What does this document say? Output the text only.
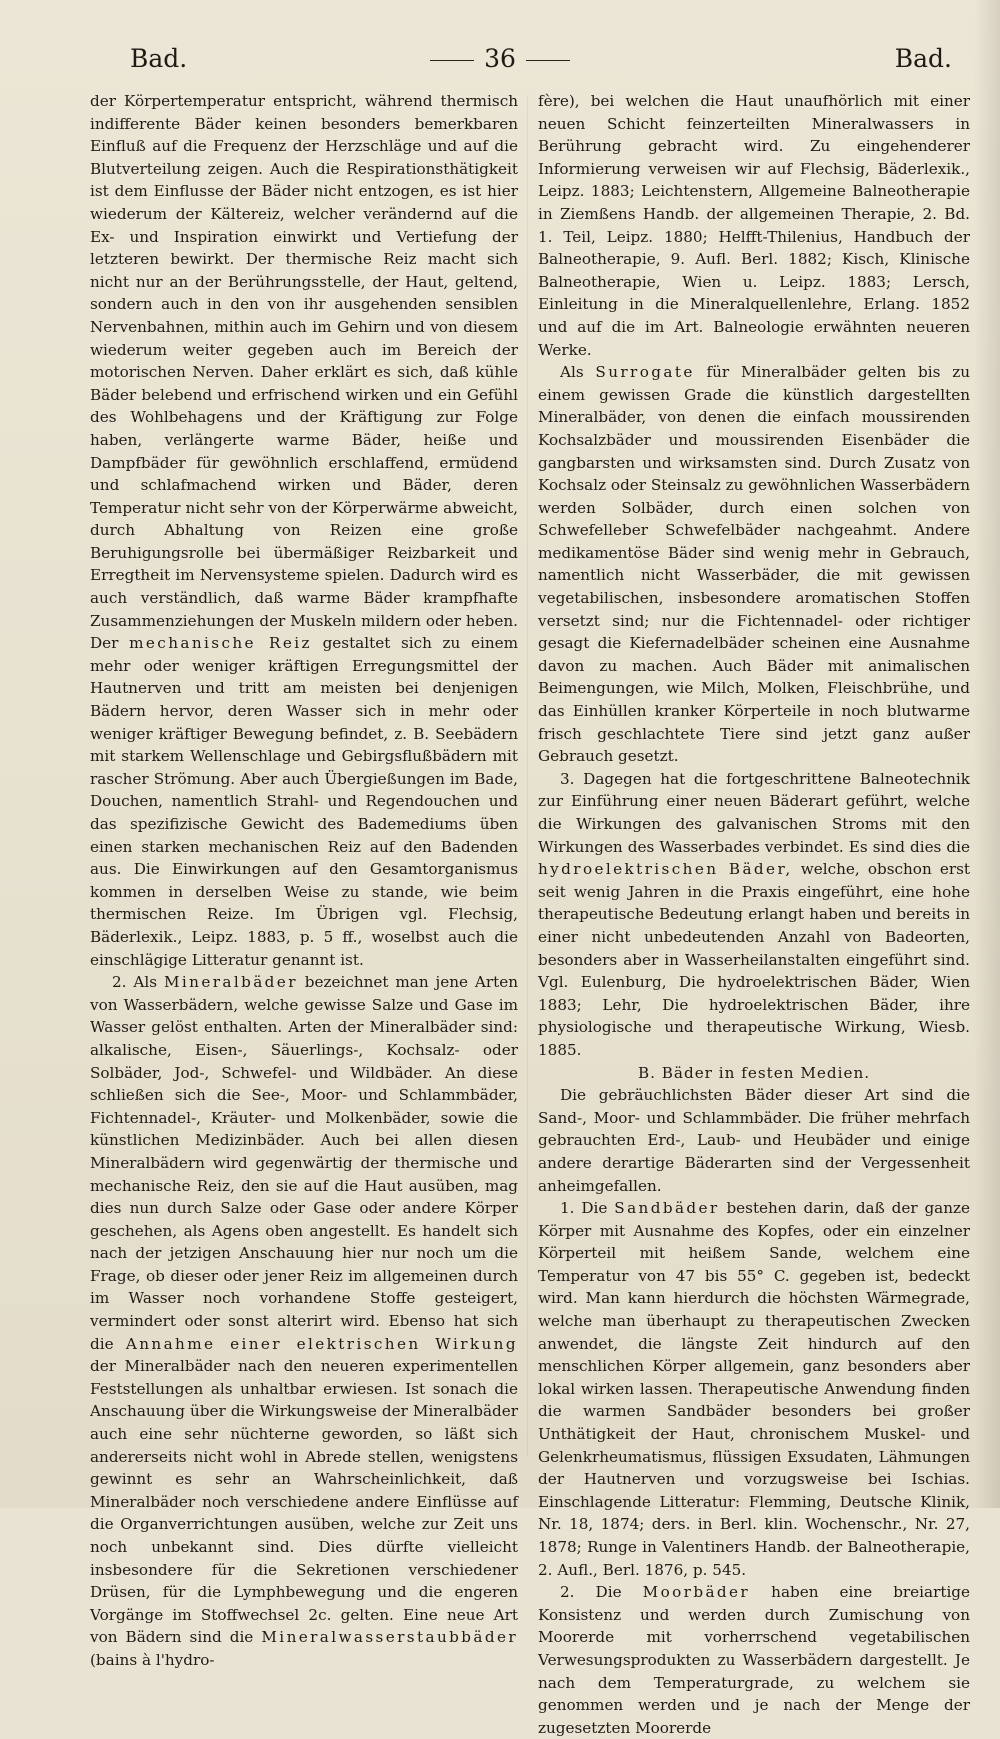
Bad.	36	Bad.

der Körpertemperatur entspricht, während thermisch indifferente Bäder keinen besonders bemerkbaren Einfluß auf die Frequenz der Herzschläge und auf die Blutverteilung zeigen. Auch die Respirationsthätigkeit ist dem Einflusse der Bäder nicht entzogen, es ist hier wiederum der Kältereiz, welcher verändernd auf die Ex- und Inspiration einwirkt und Vertiefung der letzteren bewirkt. Der thermische Reiz macht sich nicht nur an der Berührungsstelle, der Haut, geltend, sondern auch in den von ihr ausgehenden sensiblen Nervenbahnen, mithin auch im Gehirn und von diesem wiederum weiter gegeben auch im Bereich der motorischen Nerven. Daher erklärt es sich, daß kühle Bäder belebend und erfrischend wirken und ein Gefühl des Wohlbehagens und der Kräftigung zur Folge haben, verlängerte warme Bäder, heiße und Dampfbäder für gewöhnlich erschlaffend, ermüdend und schlafmachend wirken und Bäder, deren Temperatur nicht sehr von der Körperwärme abweicht, durch Abhaltung von Reizen eine große Beruhigungsrolle bei übermäßiger Reizbarkeit und Erregtheit im Nervensysteme spielen. Dadurch wird es auch verständlich, daß warme Bäder krampfhafte Zusammenziehungen der Muskeln mildern oder heben. Der mechanische Reiz gestaltet sich zu einem mehr oder weniger kräftigen Erregungsmittel der Hautnerven und tritt am meisten bei denjenigen Bädern hervor, deren Wasser sich in mehr oder weniger kräftiger Bewegung befindet, z. B. Seebädern mit starkem Wellenschlage und Gebirgsflußbädern mit rascher Strömung. Aber auch Übergießungen im Bade, Douchen, namentlich Strahl- und Regendouchen und das spezifizische Gewicht des Bademediums üben einen starken mechanischen Reiz auf den Badenden aus. Die Einwirkungen auf den Gesamtorganismus kommen in derselben Weise zu stande, wie beim thermischen Reize. Im Übrigen vgl. Flechsig, Bäderlexik., Leipz. 1883, p. 5 ff., woselbst auch die einschlägige Litteratur genannt ist.

2. Als Mineralbäder bezeichnet man jene Arten von Wasserbädern, welche gewisse Salze und Gase im Wasser gelöst enthalten. Arten der Mineralbäder sind: alkalische, Eisen-, Säuerlings-, Kochsalz- oder Solbäder, Jod-, Schwefel- und Wildbäder. An diese schließen sich die See-, Moor- und Schlammbäder, Fichtennadel-, Kräuter- und Molkenbäder, sowie die künstlichen Medizinbäder. Auch bei allen diesen Mineralbädern wird gegenwärtig der thermische und mechanische Reiz, den sie auf die Haut ausüben, mag dies nun durch Salze oder Gase oder andere Körper geschehen, als Agens oben angestellt. Es handelt sich nach der jetzigen Anschauung hier nur noch um die Frage, ob dieser oder jener Reiz im allgemeinen durch im Wasser noch vorhandene Stoffe gesteigert, vermindert oder sonst alterirt wird. Ebenso hat sich die Annahme einer elektrischen Wirkung der Mineralbäder nach den neueren experimentellen Feststellungen als unhaltbar erwiesen. Ist sonach die Anschauung über die Wirkungsweise der Mineralbäder auch eine sehr nüchterne geworden, so läßt sich andererseits nicht wohl in Abrede stellen, wenigstens gewinnt es sehr an Wahrscheinlichkeit, daß Mineralbäder noch verschiedene andere Einflüsse auf die Organverrichtungen ausüben, welche zur Zeit uns noch unbekannt sind. Dies dürfte vielleicht insbesondere für die Sekretionen verschiedener Drüsen, für die Lymphbewegung und die engeren Vorgänge im Stoffwechsel 2c. gelten. Eine neue Art von Bädern sind die Mineralwasserstaubbäder (bains à l'hydro-

fère), bei welchen die Haut unaufhörlich mit einer neuen Schicht feinzerteilten Mineralwassers in Berührung gebracht wird. Zu eingehenderer Informierung verweisen wir auf Flechsig, Bäderlexik., Leipz. 1883; Leichtenstern, Allgemeine Balneotherapie in Ziemßens Handb. der allgemeinen Therapie, 2. Bd. 1. Teil, Leipz. 1880; Helfft-Thilenius, Handbuch der Balneotherapie, 9. Aufl. Berl. 1882; Kisch, Klinische Balneotherapie, Wien u. Leipz. 1883; Lersch, Einleitung in die Mineralquellenlehre, Erlang. 1852 und auf die im Art. Balneologie erwähnten neueren Werke.

Als Surrogate für Mineralbäder gelten bis zu einem gewissen Grade die künstlich dargestellten Mineralbäder, von denen die einfach moussirenden Kochsalzbäder und moussirenden Eisenbäder die gangbarsten und wirksamsten sind. Durch Zusatz von Kochsalz oder Steinsalz zu gewöhnlichen Wasserbädern werden Solbäder, durch einen solchen von Schwefelleber Schwefelbäder nachgeahmt. Andere medikamentöse Bäder sind wenig mehr in Gebrauch, namentlich nicht Wasserbäder, die mit gewissen vegetabilischen, insbesondere aromatischen Stoffen versetzt sind; nur die Fichtennadel- oder richtiger gesagt die Kiefernadelbäder scheinen eine Ausnahme davon zu machen. Auch Bäder mit animalischen Beimengungen, wie Milch, Molken, Fleischbrühe, und das Einhüllen kranker Körperteile in noch blutwarme frisch geschlachtete Tiere sind jetzt ganz außer Gebrauch gesetzt.

3. Dagegen hat die fortgeschrittene Balneotechnik zur Einführung einer neuen Bäderart geführt, welche die Wirkungen des galvanischen Stroms mit den Wirkungen des Wasserbades verbindet. Es sind dies die hydroelektrischen Bäder, welche, obschon erst seit wenig Jahren in die Praxis eingeführt, eine hohe therapeutische Bedeutung erlangt haben und bereits in einer nicht unbedeutenden Anzahl von Badeorten, besonders aber in Wasserheilanstalten eingeführt sind. Vgl. Eulenburg, Die hydroelektrischen Bäder, Wien 1883; Lehr, Die hydroelektrischen Bäder, ihre physiologische und therapeutische Wirkung, Wiesb. 1885.

B. Bäder in festen Medien.

Die gebräuchlichsten Bäder dieser Art sind die Sand-, Moor- und Schlammbäder. Die früher mehrfach gebrauchten Erd-, Laub- und Heubäder und einige andere derartige Bäderarten sind der Vergessenheit anheimgefallen.

1. Die Sandbäder bestehen darin, daß der ganze Körper mit Ausnahme des Kopfes, oder ein einzelner Körperteil mit heißem Sande, welchem eine Temperatur von 47 bis 55° C. gegeben ist, bedeckt wird. Man kann hierdurch die höchsten Wärmegrade, welche man überhaupt zu therapeutischen Zwecken anwendet, die längste Zeit hindurch auf den menschlichen Körper allgemein, ganz besonders aber lokal wirken lassen. Therapeutische Anwendung finden die warmen Sandbäder besonders bei großer Unthätigkeit der Haut, chronischem Muskel- und Gelenkrheumatismus, flüssigen Exsudaten, Lähmungen der Hautnerven und vorzugsweise bei Ischias. Einschlagende Litteratur: Flemming, Deutsche Klinik, Nr. 18, 1874; ders. in Berl. klin. Wochenschr., Nr. 27, 1878; Runge in Valentiners Handb. der Balneotherapie, 2. Aufl., Berl. 1876, p. 545.

2. Die Moorbäder haben eine breiartige Konsistenz und werden durch Zumischung von Moorerde mit vorherrschend vegetabilischen Verwesungsprodukten zu Wasserbädern dargestellt. Je nach dem Temperaturgrade, zu welchem sie genommen werden und je nach der Menge der zugesetzten Moorerde
